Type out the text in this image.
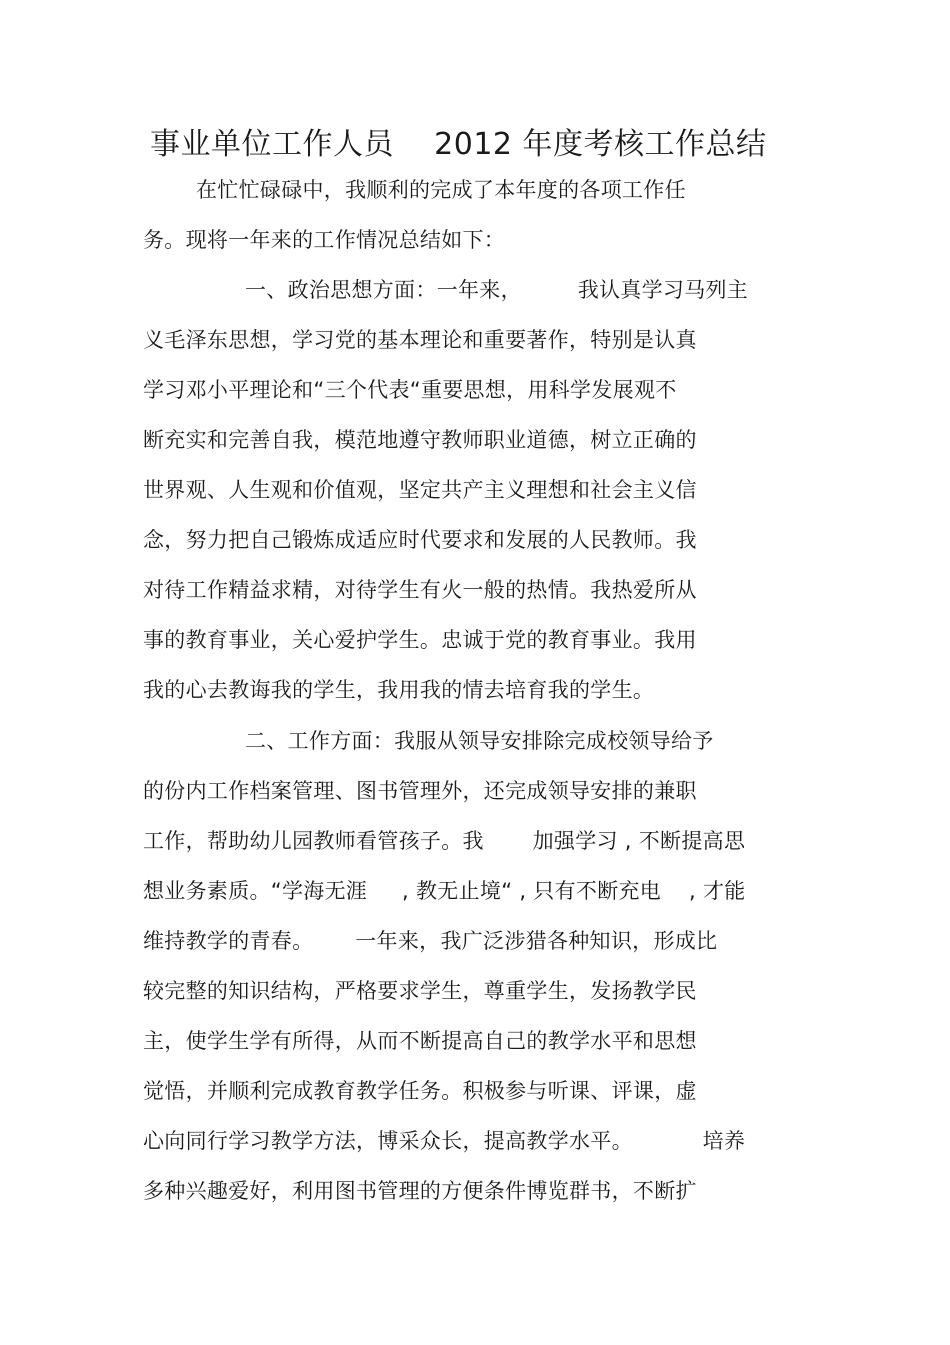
事业单位工作人员    2012 年度考核工作总结
在忙忙碌碌中，我顺利的完成了本年度的各项工作任
务。现将一年来的工作情况总结如下：
一、政治思想方面：一年来，        我认真学习马列主
义毛泽东思想，学习党的基本理论和重要著作，特别是认真
学习邓小平理论和“三个代表“重要思想，用科学发展观不
断充实和完善自我，模范地遵守教师职业道德，树立正确的
世界观、人生观和价值观，坚定共产主义理想和社会主义信
念，努力把自己锻炼成适应时代要求和发展的人民教师。我
对待工作精益求精，对待学生有火一般的热情。我热爱所从
事的教育事业，关心爱护学生。忠诚于党的教育事业。我用
我的心去教诲我的学生，我用我的情去培育我的学生。
二、工作方面：我服从领导安排除完成校领导给予
的份内工作档案管理、图书管理外，还完成领导安排的兼职
工作，帮助幼儿园教师看管孩子。我       加强学习 , 不断提高思
想业务素质。“学海无涯     , 教无止境“ , 只有不断充电    , 才能
维持教学的青春。      一年来，我广泛涉猎各种知识，形成比
较完整的知识结构，严格要求学生，尊重学生，发扬教学民
主，使学生学有所得，从而不断提高自己的教学水平和思想
觉悟，并顺利完成教育教学任务。积极参与听课、评课，虚
心向同行学习教学方法，博采众长，提高教学水平。          培养
多种兴趣爱好，利用图书管理的方便条件博览群书，不断扩
